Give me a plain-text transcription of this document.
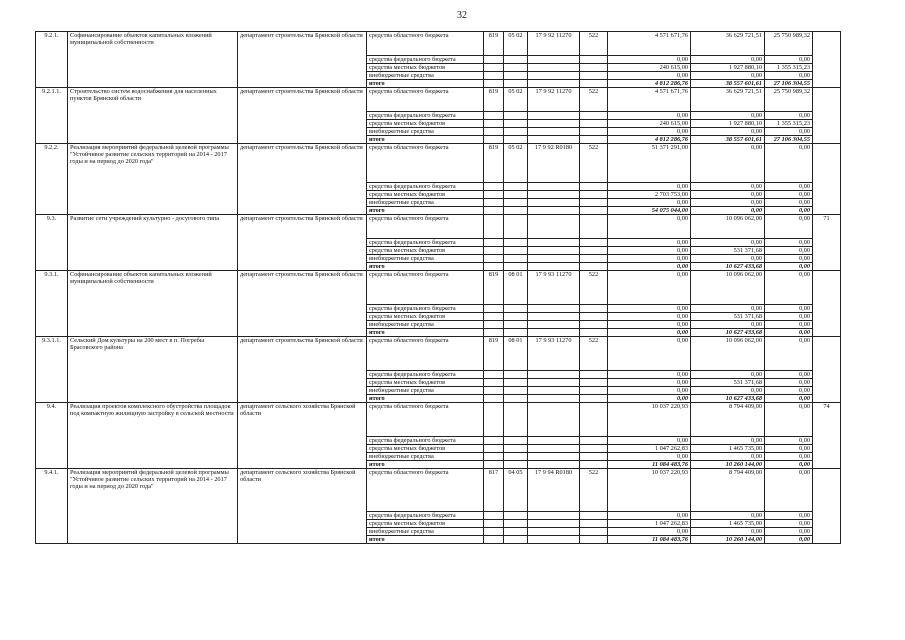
32
9.2.1.	Софинансирование объектов капитальных вложений муниципальной собственности	департамент строительства Брянской области	средства областного бюджета	819	05 02	17 9 92 11270	522	4 571 671,76	36 629 721,51	25 750 989,32	
			средства федерального бюджета					0,00	0,00	0,00	
			средства местных бюджетов					240 615,00	1 927 880,10	1 355 315,23	
			внебюджетные средства					0,00	0,00	0,00	
			итого					4 812 286,76	38 557 601,61	27 106 304,55	
9.2.1.1.	Строительство систем водоснабжения для населенных пунктов Брянской области	департамент строительства Брянской области	средства областного бюджета	819	05 02	17 9 92 11270	522	4 571 671,76	36 629 721,51	25 750 989,32	
			средства федерального бюджета					0,00	0,00	0,00	
			средства местных бюджетов					240 615,00	1 927 880,10	1 355 315,23	
			внебюджетные средства					0,00	0,00	0,00	
			итого					4 812 286,76	38 557 601,61	27 106 304,55	
9.2.2.	Реализация мероприятий федеральной целевой программы "Устойчивое развитие сельских территорий на 2014 - 2017 годы и на период до 2020 года"	департамент строительства Брянской области	средства областного бюджета	819	05 02	17 9 92 R0180	522	51 371 291,00	0,00	0,00	
			средства федерального бюджета					0,00	0,00	0,00	
			средства местных бюджетов					2 703 753,00	0,00	0,00	
			внебюджетные средства					0,00	0,00	0,00	
			итого					54 075 044,00	0,00	0,00	
9.3.	Развитие сети учреждений культурно - досугового типа	департамент строительства Брянской области	средства областного бюджета					0,00	10 096 062,00	0,00	71
			средства федерального бюджета					0,00	0,00	0,00	
			средства местных бюджетов					0,00	531 371,68	0,00	
			внебюджетные средства					0,00	0,00	0,00	
			итого					0,00	10 627 433,68	0,00	
9.3.1.	Софинансирование объектов капитальных вложений муниципальной собственности	департамент строительства Брянской области	средства областного бюджета	819	08 01	17 9 93 11270	522	0,00	10 096 062,00	0,00	
			средства федерального бюджета					0,00	0,00	0,00	
			средства местных бюджетов					0,00	531 371,68	0,00	
			внебюджетные средства					0,00	0,00	0,00	
			итого					0,00	10 627 433,68	0,00	
9.3.1.1.	Сельский Дом культуры на 200 мест в п. Погребы Брасовского района	департамент строительства Брянской области	средства областного бюджета	819	08 01	17 9 93 11270	522	0,00	10 096 062,00	0,00	
			средства федерального бюджета					0,00	0,00	0,00	
			средства местных бюджетов					0,00	531 371,68	0,00	
			внебюджетные средства					0,00	0,00	0,00	
			итого					0,00	10 627 433,68	0,00	
9.4.	Реализация проектов комплексного обустройства площадок под компактную жилищную застройку в сельской местности	департамент сельского хозяйства Брянской области	средства областного бюджета					10 037 220,93	8 794 409,00	0,00	74
			средства федерального бюджета					0,00	0,00	0,00	
			средства местных бюджетов					1 047 262,83	1 465 735,00	0,00	
			внебюджетные средства					0,00	0,00	0,00	
			итого					11 084 483,76	10 260 144,00	0,00	
9.4.1.	Реализация мероприятий федеральной целевой программы "Устойчивое развитие сельских территорий на 2014 - 2017 годы и на период до 2020 года"	департамент сельского хозяйства Брянской области	средства областного бюджета	817	04 05	17 9 94 R0180	522	10 037 220,93	8 794 409,00	0,00	
			средства федерального бюджета					0,00	0,00	0,00	
			средства местных бюджетов					1 047 262,83	1 465 735,00	0,00	
			внебюджетные средства					0,00	0,00	0,00	
			итого					11 084 483,76	10 260 144,00	0,00	
